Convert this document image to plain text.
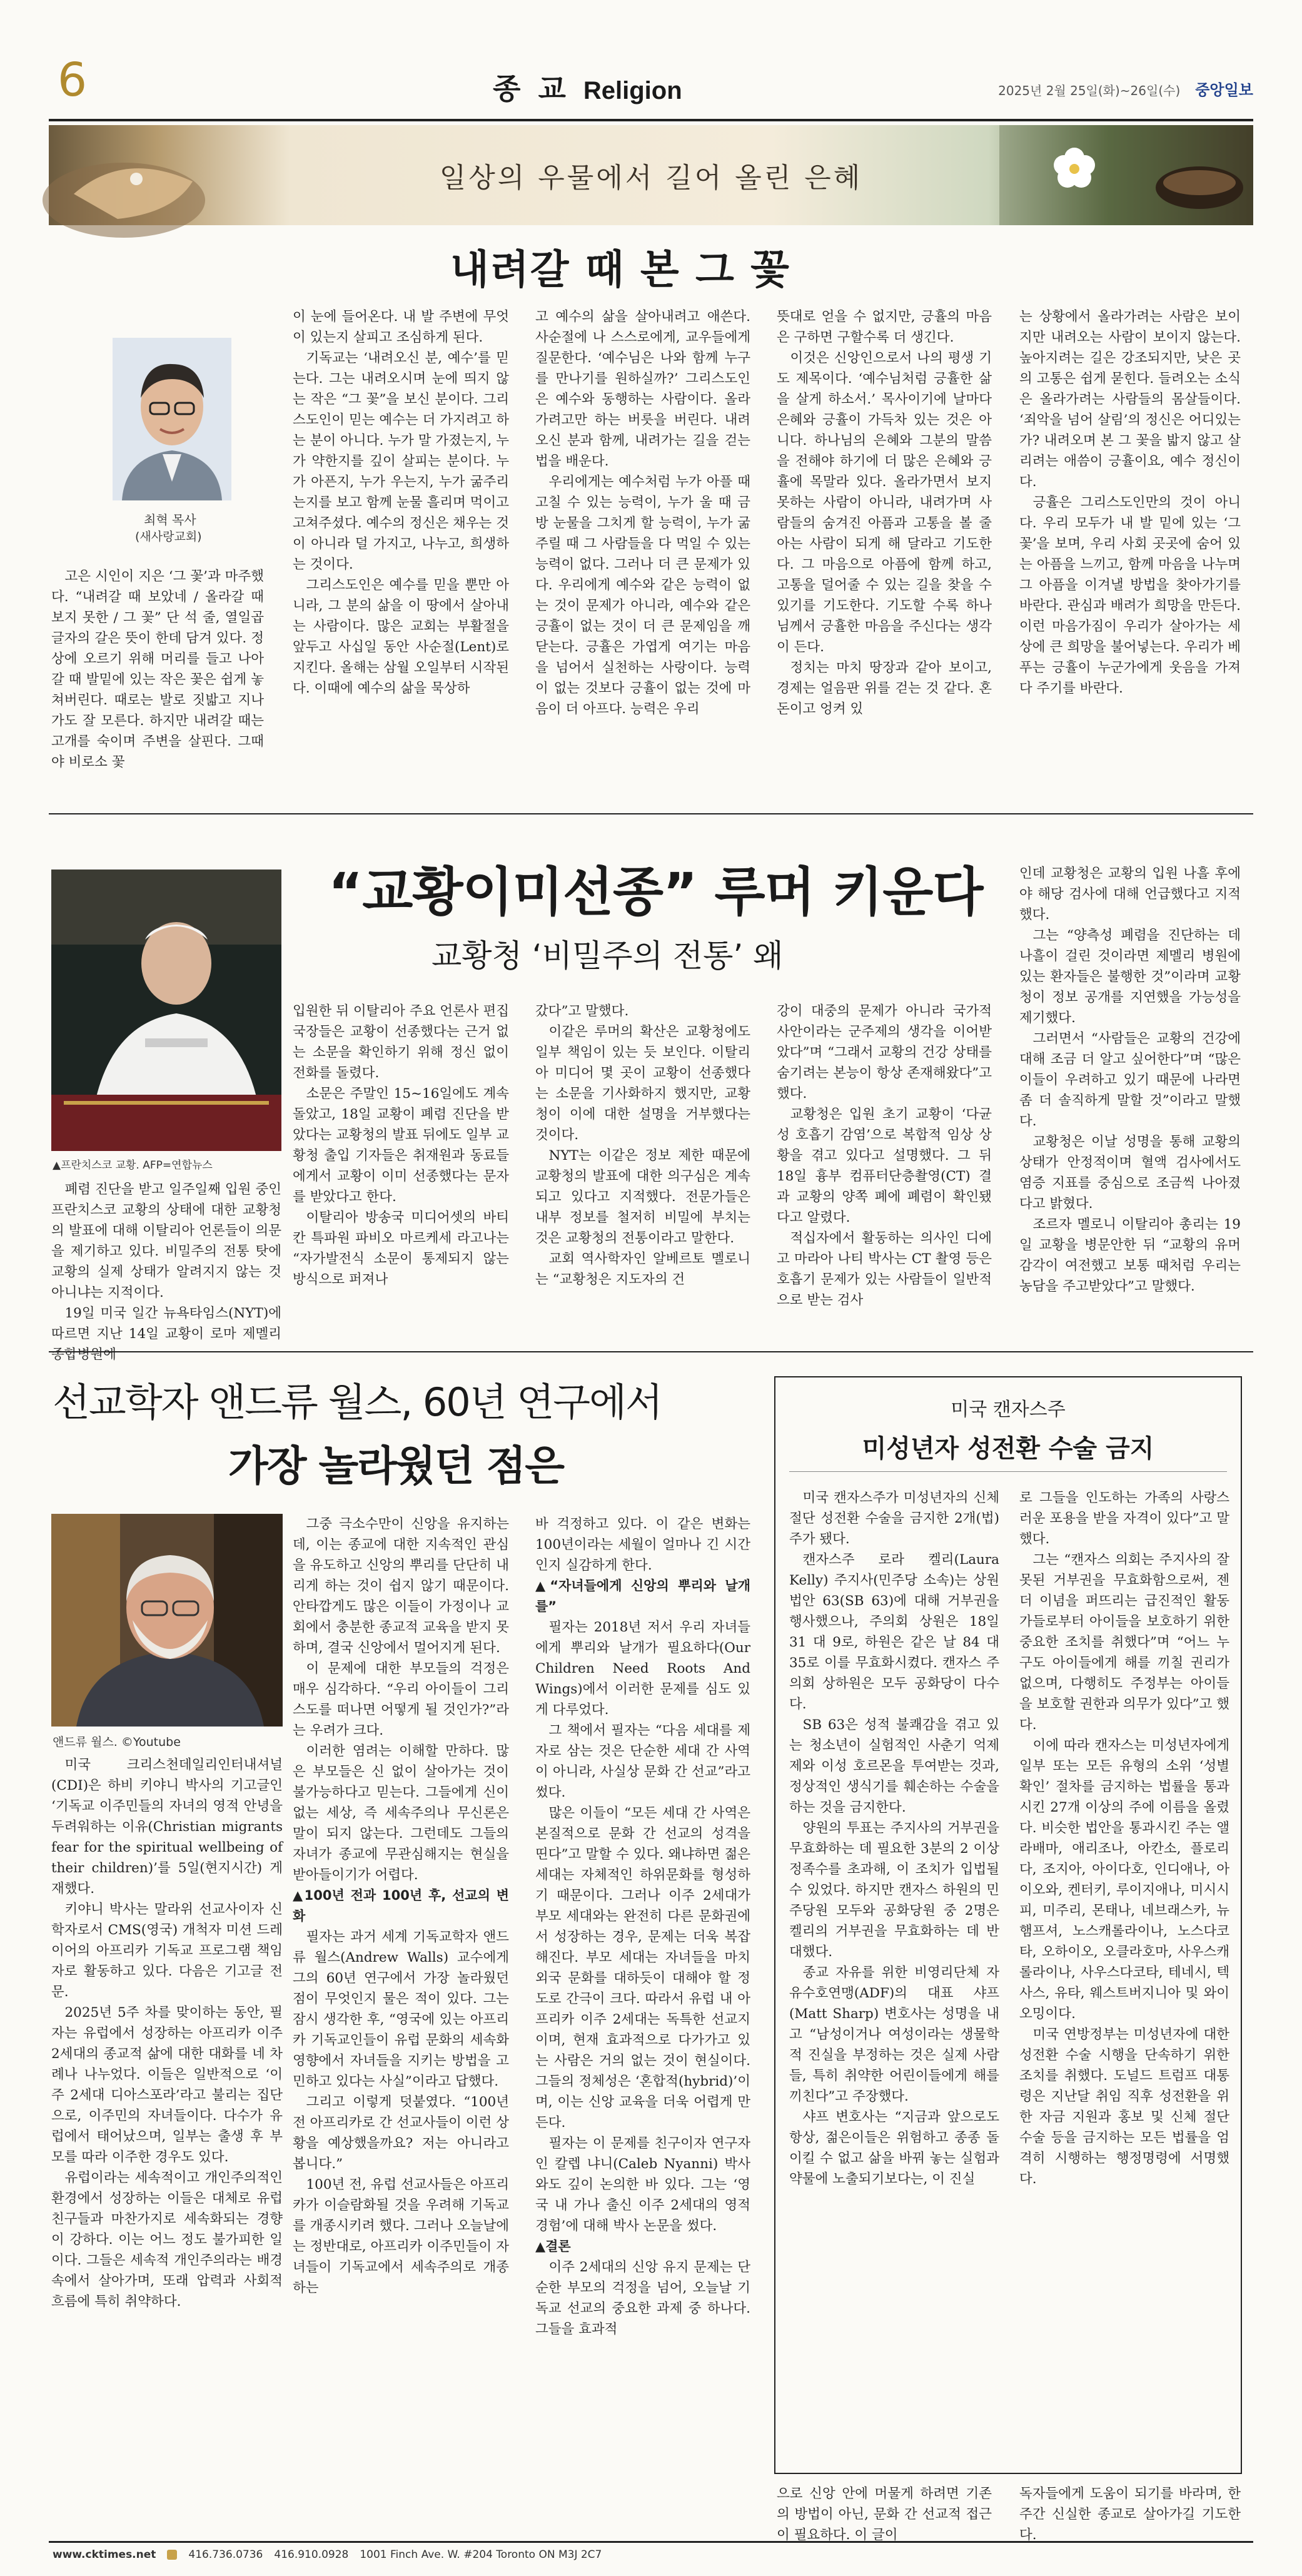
6	종 교 Religion	2025년 2월 25일(화)~26일(수) 중앙일보
일상의 우물에서 길어 올린 은혜
내려갈 때 본 그 꽃
최혁 목사
(새사랑교회)

고은 시인이 지은 ‘그 꽃’과 마주했다. “내려갈 때 보았네 / 올라갈 때 보지 못한 / 그 꽃” 단 석 줄, 열일곱 글자의 갈은 뜻이 한데 담겨 있다. 정상에 오르기 위해 머리를 들고 나아갈 때 발밑에 있는 작은 꽃은 쉽게 놓쳐버린다. 때로는 발로 짓밟고 지나가도 잘 모른다. 하지만 내려갈 때는 고개를 숙이며 주변을 살핀다. 그때야 비로소 꽃

이 눈에 들어온다. 내 발 주변에 무엇이 있는지 살피고 조심하게 된다.

기독교는 ‘내려오신 분, 예수’를 믿는다. 그는 내려오시며 눈에 띄지 않는 작은 “그 꽃”을 보신 분이다. 그리스도인이 믿는 예수는 더 가지려고 하는 분이 아니다. 누가 말 가졌는지, 누가 약한지를 깊이 살피는 분이다. 누가 아픈지, 누가 우는지, 누가 굶주리는지를 보고 함께 눈물 흘리며 먹이고 고쳐주셨다. 예수의 정신은 채우는 것이 아니라 덜 가지고, 나누고, 희생하는 것이다.

그리스도인은 예수를 믿을 뿐만 아니라, 그 분의 삶을 이 땅에서 살아내는 사람이다. 많은 교회는 부활절을 앞두고 사십일 동안 사순절(Lent)로 지킨다. 올해는 삼월 오일부터 시작된다. 이때에 예수의 삶을 묵상하

고 예수의 삶을 살아내려고 애쓴다. 사순절에 나 스스로에게, 교우들에게 질문한다. ‘예수님은 나와 함께 누구를 만나기를 원하실까?’ 그리스도인은 예수와 동행하는 사람이다. 올라가려고만 하는 버릇을 버린다. 내려오신 분과 함께, 내려가는 길을 걷는 법을 배운다.

우리에게는 예수처럼 누가 아플 때 고칠 수 있는 능력이, 누가 울 때 금방 눈물을 그치게 할 능력이, 누가 굶주릴 때 그 사람들을 다 먹일 수 있는 능력이 없다. 그러나 더 큰 문제가 있다. 우리에게 예수와 같은 능력이 없는 것이 문제가 아니라, 예수와 같은 긍휼이 없는 것이 더 큰 문제임을 깨닫는다. 긍휼은 가엽게 여기는 마음을 넘어서 실천하는 사랑이다. 능력이 없는 것보다 긍휼이 없는 것에 마음이 더 아프다. 능력은 우리

뜻대로 얻을 수 없지만, 긍휼의 마음은 구하면 구할수록 더 생긴다.

이것은 신앙인으로서 나의 평생 기도 제목이다. ‘예수님처럼 긍휼한 삶을 살게 하소서.’ 목사이기에 날마다 은혜와 긍휼이 가득차 있는 것은 아니다. 하나님의 은혜와 그분의 말씀을 전해야 하기에 더 많은 은혜와 긍휼에 목말라 있다. 올라가면서 보지 못하는 사람이 아니라, 내려가며 사람들의 숨겨진 아픔과 고통을 볼 줄 아는 사람이 되게 해 달라고 기도한다. 그 마음으로 아픔에 함께 하고, 고통을 덜어줄 수 있는 길을 찾을 수 있기를 기도한다. 기도할 수록 하나님께서 긍휼한 마음을 주신다는 생각이 든다.

정치는 마치 땅장과 같아 보이고, 경제는 얼음판 위를 걷는 것 같다. 혼돈이고 엉켜 있

는 상황에서 올라가려는 사람은 보이지만 내려오는 사람이 보이지 않는다. 높아지려는 길은 강조되지만, 낮은 곳의 고통은 쉽게 묻힌다. 들려오는 소식은 올라가려는 사람들의 몸살들이다. ‘죄악을 넘어 살림’의 정신은 어디있는가? 내려오며 본 그 꽃을 밟지 않고 살리려는 애씀이 긍휼이요, 예수 정신이다.

긍휼은 그리스도인만의 것이 아니다. 우리 모두가 내 발 밑에 있는 ‘그 꽃’을 보며, 우리 사회 곳곳에 숨어 있는 아픔을 느끼고, 함께 마음을 나누며 그 아픔을 이겨낼 방법을 찾아가기를 바란다. 관심과 배려가 희망을 만든다. 이런 마음가짐이 우리가 살아가는 세상에 큰 희망을 불어넣는다. 우리가 베푸는 긍휼이 누군가에게 웃음을 가져다 주기를 바란다.

▲프란치스코 교황. AFP=연합뉴스
“교황이미선종” 루머 키운다
교황청 ‘비밀주의 전통’ 왜

폐렴 진단을 받고 일주일째 입원 중인 프란치스코 교황의 상태에 대한 교황청의 발표에 대해 이탈리아 언론들이 의문을 제기하고 있다. 비밀주의 전통 탓에 교황의 실제 상태가 알려지지 않는 것 아니냐는 지적이다.

19일 미국 일간 뉴욕타임스(NYT)에 따르면 지난 14일 교황이 로마 제멜리 종합병원에

입원한 뒤 이탈리아 주요 언론사 편집국장들은 교황이 선종했다는 근거 없는 소문을 확인하기 위해 정신 없이 전화를 돌렸다.

소문은 주말인 15~16일에도 계속 돌았고, 18일 교황이 폐렴 진단을 받았다는 교황청의 발표 뒤에도 일부 교황청 출입 기자들은 취재원과 동료들에게서 교황이 이미 선종했다는 문자를 받았다고 한다.

이탈리아 방송국 미디어셋의 바티칸 특파원 파비오 마르케세 라고나는 “자가발전식 소문이 통제되지 않는 방식으로 퍼져나

갔다”고 말했다.

이같은 루머의 확산은 교황청에도 일부 책임이 있는 듯 보인다. 이탈리아 미디어 몇 곳이 교황이 선종했다는 소문을 기사화하지 했지만, 교황청이 이에 대한 설명을 거부했다는 것이다.

NYT는 이같은 정보 제한 때문에 교황청의 발표에 대한 의구심은 계속되고 있다고 지적했다. 전문가들은 내부 정보를 철저히 비밀에 부치는 것은 교황청의 전통이라고 말한다.

교회 역사학자인 알베르토 멜로니는 “교황청은 지도자의 건

강이 대중의 문제가 아니라 국가적 사안이라는 군주제의 생각을 이어받았다”며 “그래서 교황의 건강 상태를 숨기려는 본능이 항상 존재해왔다”고 했다.

교황청은 입원 초기 교황이 ‘다균성 호흡기 감염’으로 복합적 임상 상황을 겪고 있다고 설명했다. 그 뒤 18일 흉부 컴퓨터단층촬영(CT) 결과 교황의 양쪽 폐에 폐렴이 확인됐다고 알렸다.

적십자에서 활동하는 의사인 디에고 마라아 나티 박사는 CT 촬영 등은 호흡기 문제가 있는 사람들이 일반적으로 받는 검사

인데 교황청은 교황의 입원 나흘 후에야 해당 검사에 대해 언급했다고 지적했다.

그는 “양측성 폐렴을 진단하는 데 나흘이 걸린 것이라면 제멜리 병원에 있는 환자들은 불행한 것”이라며 교황청이 정보 공개를 지연했을 가능성을 제기했다.

그러면서 “사람들은 교황의 건강에 대해 조금 더 알고 싶어한다”며 “많은 이들이 우려하고 있기 때문에 나라면 좀 더 솔직하게 말할 것”이라고 말했다.

교황청은 이날 성명을 통해 교황의 상태가 안정적이며 혈액 검사에서도 염증 지표를 중심으로 조금씩 나아졌다고 밝혔다.

조르자 멜로니 이탈리아 총리는 19일 교황을 병문안한 뒤 “교황의 유머 감각이 여전했고 보통 때처럼 우리는 농담을 주고받았다”고 말했다.

선교학자 앤드류 월스, 60년 연구에서
가장 놀라웠던 점은
앤드류 월스. ©Youtube

미국 크리스천데일리인터내셔널(CDI)은 하비 키야니 박사의 기고글인 ‘기독교 이주민들의 자녀의 영적 안녕을 두려워하는 이유(Christian migrants fear for the spiritual wellbeing of their children)’를 5일(현지시간) 게재했다.

키야니 박사는 말라위 선교사이자 신학자로서 CMS(영국) 개척자 미션 드레이어의 아프리카 기독교 프로그램 책임자로 활동하고 있다. 다음은 기고글 전문.

2025년 5주 차를 맞이하는 동안, 필자는 유럽에서 성장하는 아프리카 이주 2세대의 종교적 삶에 대한 대화를 네 차례나 나누었다. 이들은 일반적으로 ‘이주 2세대 디아스포라’라고 불리는 집단으로, 이주민의 자녀들이다. 다수가 유럽에서 태어났으며, 일부는 출생 후 부모를 따라 이주한 경우도 있다.

유럽이라는 세속적이고 개인주의적인 환경에서 성장하는 이들은 대체로 유럽 친구들과 마찬가지로 세속화되는 경향이 강하다. 이는 어느 정도 불가피한 일이다. 그들은 세속적 개인주의라는 배경 속에서 살아가며, 또래 압력과 사회적 흐름에 특히 취약하다.

그중 극소수만이 신앙을 유지하는데, 이는 종교에 대한 지속적인 관심을 유도하고 신앙의 뿌리를 단단히 내리게 하는 것이 쉽지 않기 때문이다. 안타깝게도 많은 이들이 가정이나 교회에서 충분한 종교적 교육을 받지 못하며, 결국 신앙에서 멀어지게 된다.

이 문제에 대한 부모들의 걱정은 매우 심각하다. “우리 아이들이 그리스도를 떠나면 어떻게 될 것인가?”라는 우려가 크다.

이러한 염려는 이해할 만하다. 많은 부모들은 신 없이 살아가는 것이 불가능하다고 믿는다. 그들에게 신이 없는 세상, 즉 세속주의나 무신론은 말이 되지 않는다. 그런데도 그들의 자녀가 종교에 무관심해지는 현실을 받아들이기가 어렵다.

▲100년 전과 100년 후, 선교의 변화

필자는 과거 세계 기독교학자 앤드류 월스(Andrew Walls) 교수에게 그의 60년 연구에서 가장 놀라웠던 점이 무엇인지 물은 적이 있다. 그는 잠시 생각한 후, “영국에 있는 아프리카 기독교인들이 유럽 문화의 세속화 영향에서 자녀들을 지키는 방법을 고민하고 있다는 사실”이라고 답했다.

그리고 이렇게 덧붙였다. “100년 전 아프리카로 간 선교사들이 이런 상황을 예상했을까요? 저는 아니라고 봅니다.”

100년 전, 유럽 선교사들은 아프리카가 이슬람화될 것을 우려해 기독교를 개종시키려 했다. 그러나 오늘날에는 정반대로, 아프리카 이주민들이 자녀들이 기독교에서 세속주의로 개종하는

바 걱정하고 있다. 이 같은 변화는 100년이라는 세월이 얼마나 긴 시간인지 실감하게 한다.

▲“자녀들에게 신앙의 뿌리와 날개를”

필자는 2018년 저서 우리 자녀들에게 뿌리와 날개가 필요하다(Our Children Need Roots And Wings)에서 이러한 문제를 심도 있게 다루었다.

그 책에서 필자는 “다음 세대를 제자로 삼는 것은 단순한 세대 간 사역이 아니라, 사실상 문화 간 선교”라고 썼다.

많은 이들이 “모든 세대 간 사역은 본질적으로 문화 간 선교의 성격을 띤다”고 말할 수 있다. 왜냐하면 젊은 세대는 자체적인 하위문화를 형성하기 때문이다. 그러나 이주 2세대가 부모 세대와는 완전히 다른 문화권에서 성장하는 경우, 문제는 더욱 복잡해진다. 부모 세대는 자녀들을 마치 외국 문화를 대하듯이 대해야 할 정도로 간극이 크다. 따라서 유럽 내 아프리카 이주 2세대는 독특한 선교지이며, 현재 효과적으로 다가가고 있는 사람은 거의 없는 것이 현실이다. 그들의 정체성은 ‘혼합적(hybrid)’이며, 이는 신앙 교육을 더욱 어렵게 만든다.

필자는 이 문제를 친구이자 연구자인 칼렙 냐니(Caleb Nyanni) 박사와도 깊이 논의한 바 있다. 그는 ‘영국 내 가나 출신 이주 2세대의 영적 경험’에 대해 박사 논문을 썼다.

▲결론

이주 2세대의 신앙 유지 문제는 단순한 부모의 걱정을 넘어, 오늘날 기독교 선교의 중요한 과제 중 하나다. 그들을 효과적

으로 신앙 안에 머물게 하려면 기존의 방법이 아닌, 문화 간 선교적 접근이 필요하다. 이 글이

독자들에게 도움이 되기를 바라며, 한 주간 신실한 종교로 살아가길 기도한다.

미국 캔자스주
미성년자 성전환 수술 금지

미국 캔자스주가 미성년자의 신체 절단 성전환 수술을 금지한 2개(법) 주가 됐다.

캔자스주 로라 켈리(Laura Kelly) 주지사(민주당 소속)는 상원법안 63(SB 63)에 대해 거부권을 행사했으나, 주의회 상원은 18일 31 대 9로, 하원은 같은 날 84 대 35로 이를 무효화시켰다. 캔자스 주의회 상하원은 모두 공화당이 다수다.

SB 63은 성적 불쾌감을 겪고 있는 청소년이 실험적인 사춘기 억제제와 이성 호르몬을 투여받는 것과, 정상적인 생식기를 훼손하는 수술을 하는 것을 금지한다.

양원의 투표는 주지사의 거부권을 무효화하는 데 필요한 3분의 2 이상 정족수를 초과해, 이 조치가 입법될 수 있었다. 하지만 캔자스 하원의 민주당원 모두와 공화당원 중 2명은 켈리의 거부권을 무효화하는 데 반대했다.

종교 자유를 위한 비영리단체 자유수호연맹(ADF)의 대표 샤프(Matt Sharp) 변호사는 성명을 내고 “남성이거나 여성이라는 생물학적 진실을 부정하는 것은 실제 사람들, 특히 취약한 어린이들에게 해를 끼친다”고 주장했다.

샤프 변호사는 “지금과 앞으로도 항상, 젊은이들은 위험하고 종종 돌이킬 수 없고 삶을 바꿔 놓는 실험과 약물에 노출되기보다는, 이 진실

로 그들을 인도하는 가족의 사랑스러운 포용을 받을 자격이 있다”고 말했다.

그는 “캔자스 의회는 주지사의 잘못된 거부권을 무효화함으로써, 젠더 이념을 퍼뜨리는 급진적인 활동가들로부터 아이들을 보호하기 위한 중요한 조치를 취했다”며 “어느 누구도 아이들에게 해를 끼칠 권리가 없으며, 다행히도 주정부는 아이들을 보호할 권한과 의무가 있다”고 했다.

이에 따라 캔자스는 미성년자에게 일부 또는 모든 유형의 소위 ‘성별 확인’ 절차를 금지하는 법률을 통과시킨 27개 이상의 주에 이름을 올렸다. 비슷한 법안을 통과시킨 주는 앨라배마, 애리조나, 아칸소, 플로리다, 조지아, 아이다호, 인디애나, 아이오와, 켄터키, 루이지애나, 미시시피, 미주리, 몬태나, 네브래스카, 뉴햄프셔, 노스캐롤라이나, 노스다코타, 오하이오, 오클라호마, 사우스캐롤라이나, 사우스다코타, 테네시, 텍사스, 유타, 웨스트버지니아 및 와이오밍이다.

미국 연방정부는 미성년자에 대한 성전환 수술 시행을 단속하기 위한 조치를 취했다. 도널드 트럼프 대통령은 지난달 취임 직후 성전환을 위한 자금 지원과 홍보 및 신체 절단 수술 등을 금지하는 모든 법률을 엄격히 시행하는 행정명령에 서명했다.

www.cktimes.net	416.736.0736 416.910.0928 1001 Finch Ave. W. #204 Toronto ON M3J 2C7
